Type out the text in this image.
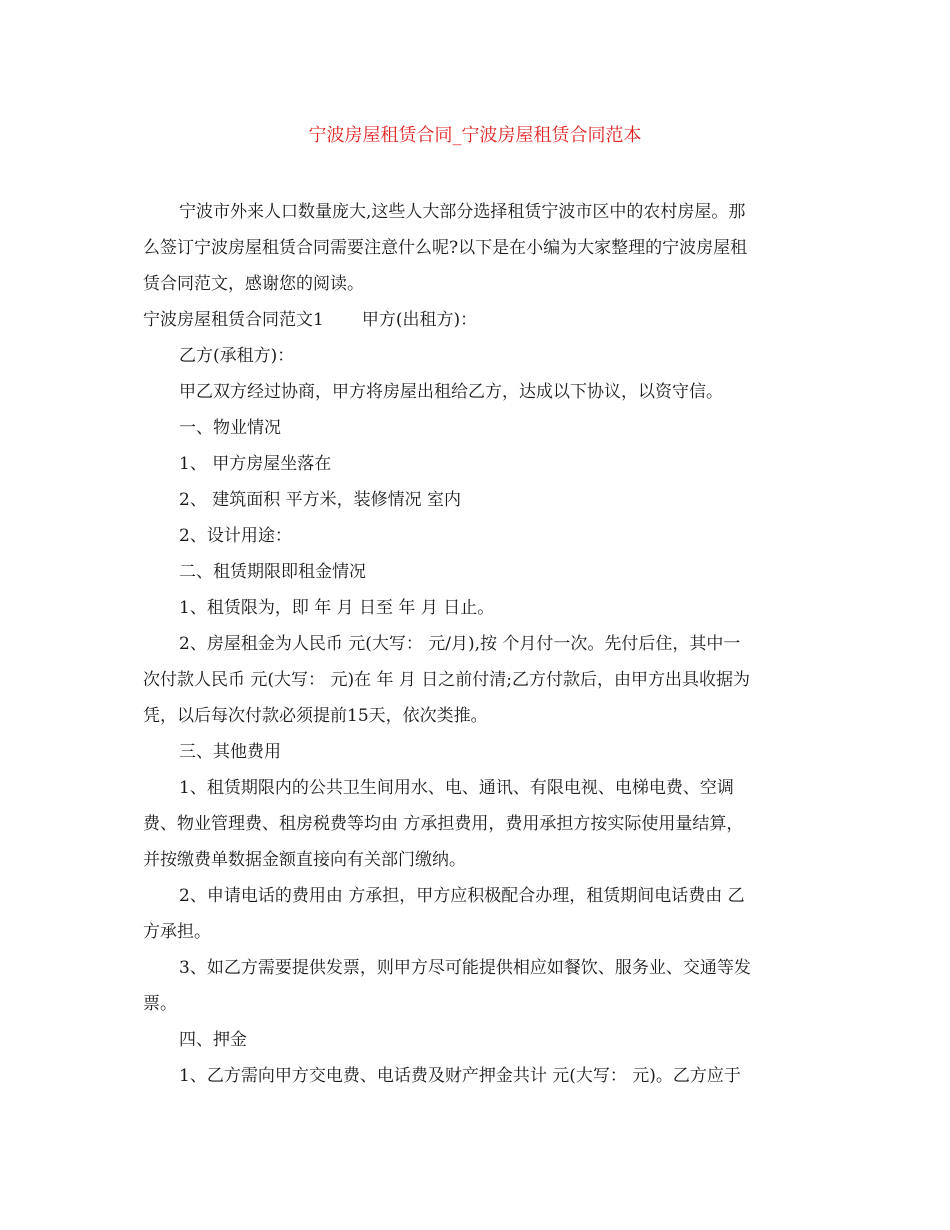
宁波房屋租赁合同_宁波房屋租赁合同范本
宁波市外来人口数量庞大,这些人大部分选择租赁宁波市区中的农村房屋。那
么签订宁波房屋租赁合同需要注意什么呢?以下是在小编为大家整理的宁波房屋租
赁合同范文，感谢您的阅读。
宁波房屋租赁合同范文1 甲方(出租方)：
乙方(承租方)：
甲乙双方经过协商，甲方将房屋出租给乙方，达成以下协议，以资守信。
一、物业情况
1、 甲方房屋坐落在
2、 建筑面积 平方米，装修情况 室内
2、设计用途：
二、租赁期限即租金情况
1、租赁限为，即 年 月 日至 年 月 日止。
2、房屋租金为人民币 元(大写： 元/月),按 个月付一次。先付后住，其中一
次付款人民币 元(大写： 元)在 年 月 日之前付清;乙方付款后，由甲方出具收据为
凭，以后每次付款必须提前15天，依次类推。
三、其他费用
1、租赁期限内的公共卫生间用水、电、通讯、有限电视、电梯电费、空调
费、物业管理费、租房税费等均由 方承担费用，费用承担方按实际使用量结算，
并按缴费单数据金额直接向有关部门缴纳。
2、申请电话的费用由 方承担，甲方应积极配合办理，租赁期间电话费由 乙
方承担。
3、如乙方需要提供发票，则甲方尽可能提供相应如餐饮、服务业、交通等发
票。
四、押金
1、乙方需向甲方交电费、电话费及财产押金共计 元(大写： 元)。乙方应于
